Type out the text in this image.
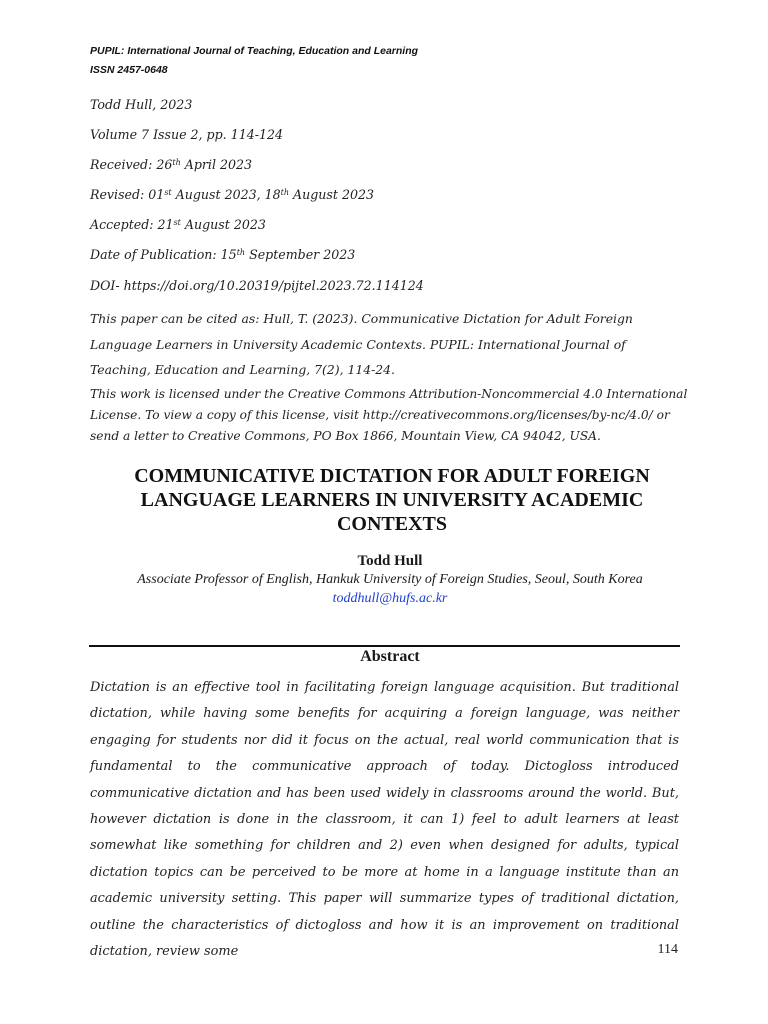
PUPIL: International Journal of Teaching, Education and Learning
ISSN 2457-0648
Todd Hull, 2023
Volume 7 Issue 2, pp. 114-124
Received: 26th April 2023
Revised: 01st August 2023, 18th August 2023
Accepted: 21st August 2023
Date of Publication: 15th September 2023
DOI- https://doi.org/10.20319/pijtel.2023.72.114124
This paper can be cited as: Hull, T. (2023). Communicative Dictation for Adult Foreign Language Learners in University Academic Contexts. PUPIL: International Journal of Teaching, Education and Learning, 7(2), 114-24.
This work is licensed under the Creative Commons Attribution-Noncommercial 4.0 International License. To view a copy of this license, visit http://creativecommons.org/licenses/by-nc/4.0/ or send a letter to Creative Commons, PO Box 1866, Mountain View, CA 94042, USA.
COMMUNICATIVE DICTATION FOR ADULT FOREIGN LANGUAGE LEARNERS IN UNIVERSITY ACADEMIC CONTEXTS
Todd Hull
Associate Professor of English, Hankuk University of Foreign Studies, Seoul, South Korea
toddhull@hufs.ac.kr
Abstract
Dictation is an effective tool in facilitating foreign language acquisition. But traditional dictation, while having some benefits for acquiring a foreign language, was neither engaging for students nor did it focus on the actual, real world communication that is fundamental to the communicative approach of today. Dictogloss introduced communicative dictation and has been used widely in classrooms around the world. But, however dictation is done in the classroom, it can 1) feel to adult learners at least somewhat like something for children and 2) even when designed for adults, typical dictation topics can be perceived to be more at home in a language institute than an academic university setting. This paper will summarize types of traditional dictation, outline the characteristics of dictogloss and how it is an improvement on traditional dictation, review some	114
